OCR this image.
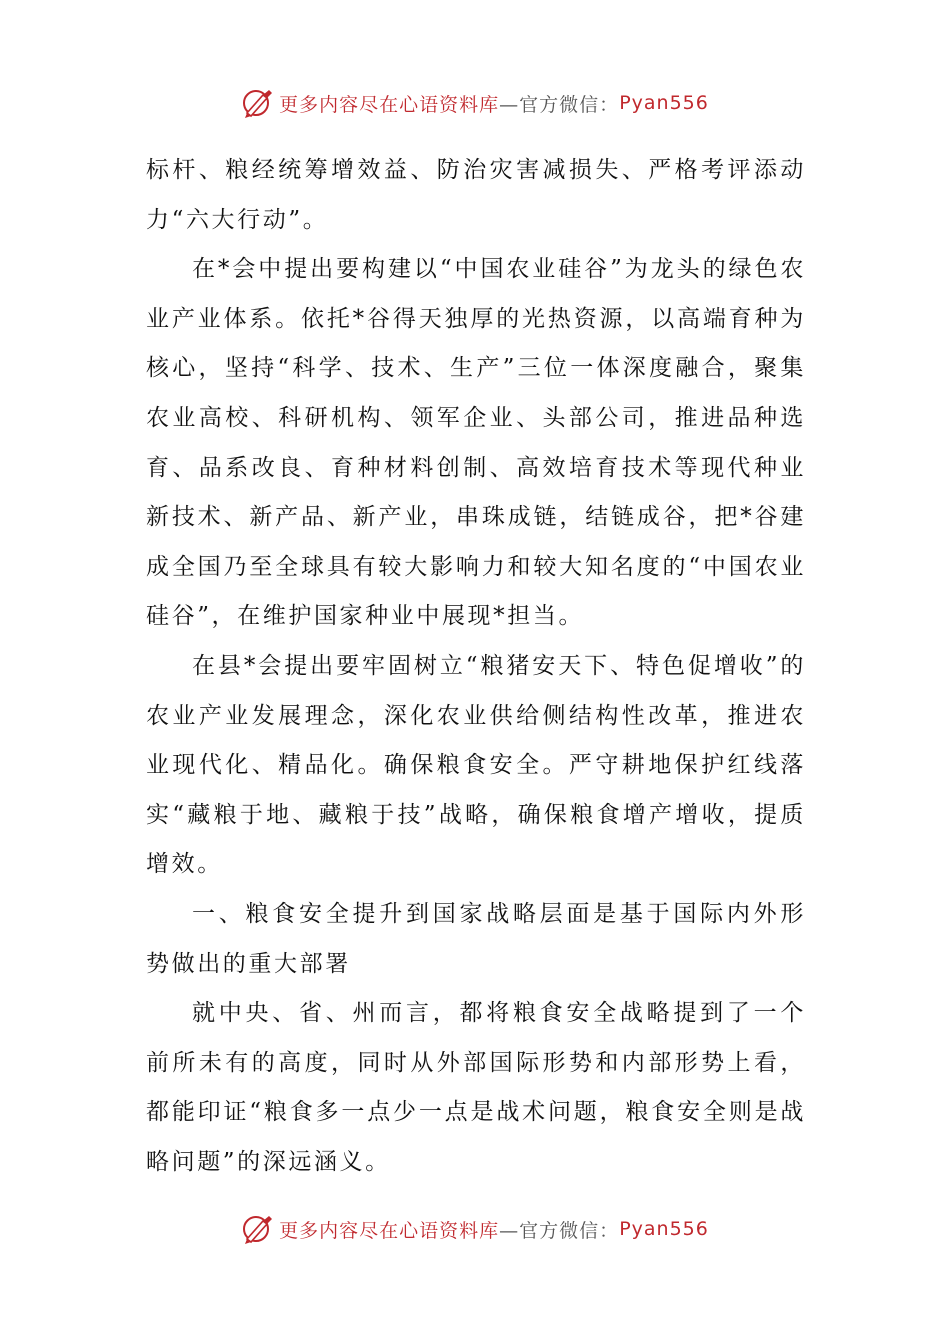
更多内容尽在心语资料库 —官方微信： Pyan556

标杆、粮经统筹增效益、防治灾害减损失、严格考评添动力“六大行动”。

在*会中提出要构建以“中国农业硅谷”为龙头的绿色农业产业体系。依托*谷得天独厚的光热资源，以高端育种为核心，坚持“科学、技术、生产”三位一体深度融合，聚集农业高校、科研机构、领军企业、头部公司，推进品种选育、品系改良、育种材料创制、高效培育技术等现代种业新技术、新产品、新产业，串珠成链，结链成谷，把*谷建成全国乃至全球具有较大影响力和较大知名度的“中国农业硅谷”，在维护国家种业中展现*担当。

在县*会提出要牢固树立“粮猪安天下、特色促增收”的农业产业发展理念，深化农业供给侧结构性改革，推进农业现代化、精品化。确保粮食安全。严守耕地保护红线落实“藏粮于地、藏粮于技”战略，确保粮食增产增收，提质增效。

一、粮食安全提升到国家战略层面是基于国际内外形势做出的重大部署

就中央、省、州而言，都将粮食安全战略提到了一个前所未有的高度，同时从外部国际形势和内部形势上看，都能印证“粮食多一点少一点是战术问题，粮食安全则是战略问题”的深远涵义。

更多内容尽在心语资料库 —官方微信： Pyan556
